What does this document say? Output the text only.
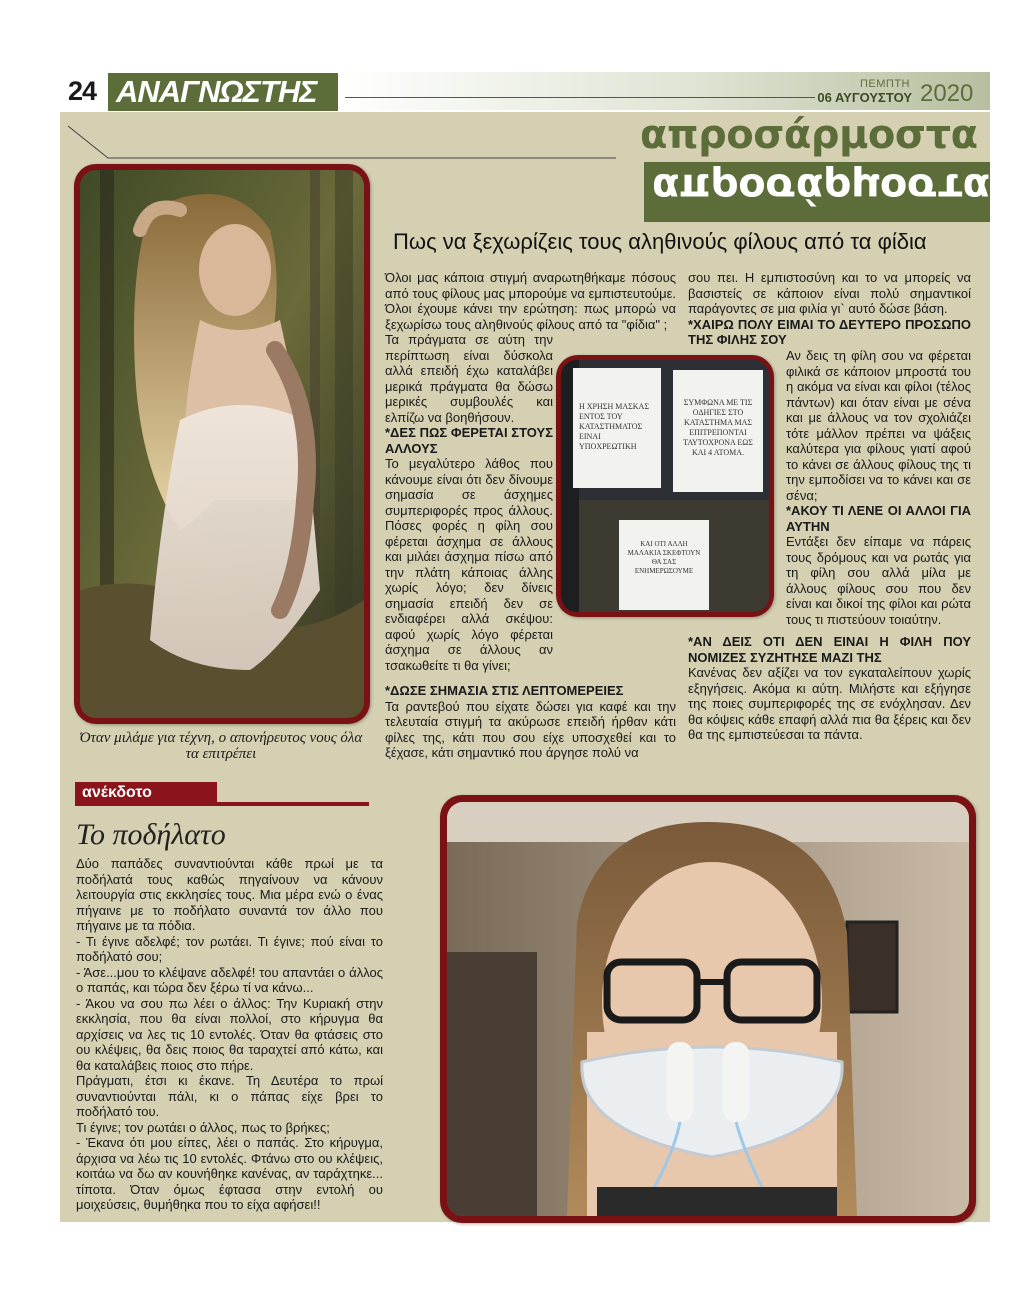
24 ΑΝΑΓΝΩΣΤΗΣ	ΠΕΜΠΤΗ
06 ΑΥΓΟΥΣΤΟΥ 2020
απροσάρμοστα
απροσάρμοστα
Πως να ξεχωρίζεις τους αληθινούς φίλους από τα φίδια
Όταν μιλάμε για τέχνη, ο απονήρευτος νους όλα τα επιτρέπει
Η ΧΡΗΣΗ ΜΑΣΚΑΣ ΕΝΤΟΣ ΤΟΥ ΚΑΤΑΣΤΗΜΑΤΟΣ ΕΙΝΑΙ ΥΠΟΧΡΕΩΤΙΚΗ
ΣΥΜΦΩΝΑ ΜΕ ΤΙΣ ΟΔΗΓΙΕΣ ΣΤΟ ΚΑΤΑΣΤΗΜΑ ΜΑΣ ΕΠΙΤΡΕΠΟΝΤΑΙ ΤΑΥΤΟΧΡΟΝΑ ΕΩΣ ΚΑΙ 4 ΑΤΟΜΑ.
ΚΑΙ ΟΤΙ ΑΛΛΗ ΜΑΛΑΚΙΑ ΣΚΕΦΤΟΥΝ ΘΑ ΣΑΣ ΕΝΗΜΕΡΩΣΟΥΜΕ

Όλοι μας κάποια στιγμή αναρωτηθήκαμε πόσους από τους φίλους μας μπορούμε να εμπιστευτούμε. Όλοι έχουμε κάνει την ερώτηση: πως μπορώ να ξεχωρίσω τους αληθινούς φίλους από τα "φίδια" ;

Τα πράγματα σε αύτη την περίπτωση είναι δύσκολα αλλά επειδή έχω καταλάβει μερικά πράγματα θα δώσω μερικές συμβουλές και ελπίζω να βοηθήσουν.

*ΔΕΣ ΠΩΣ ΦΕΡΕΤΑΙ ΣΤΟΥΣ ΑΛΛΟΥΣ

Το μεγαλύτερο λάθος που κάνουμε είναι ότι δεν δίνουμε σημασία σε άσχημες συμπεριφορές προς άλλους. Πόσες φορές η φίλη σου φέρεται άσχημα σε άλλους και μιλάει άσχημα πίσω από την πλάτη κάποιας άλλης χωρίς λόγο; δεν δίνεις σημασία επειδή δεν σε ενδιαφέρει αλλά σκέψου: αφού χωρίς λόγο φέρεται άσχημα σε άλλους αν τσακωθείτε τι θα γίνει;

*ΔΩΣΕ ΣΗΜΑΣΙΑ ΣΤΙΣ ΛΕΠΤΟΜΕΡΕΙΕΣ

Τα ραντεβού που είχατε δώσει για καφέ και την τελευταία στιγμή τα ακύρωσε επειδή ήρθαν κάτι φίλες της, κάτι που σου είχε υποσχεθεί και το ξέχασε, κάτι σημαντικό που άργησε πολύ να

σου πει. Η εμπιστοσύνη και το να μπορείς να βασιστείς σε κάποιον είναι πολύ σημαντικοί παράγοντες σε μια φιλία γι` αυτό δώσε βάση.

*ΧΑΙΡΩ ΠΟΛΥ ΕΙΜΑΙ ΤΟ ΔΕΥΤΕΡΟ ΠΡΟΣΩΠΟ ΤΗΣ ΦΙΛΗΣ ΣΟΥ

Αν δεις τη φίλη σου να φέρεται φιλικά σε κάποιον μπροστά του η ακόμα να είναι και φίλοι (τέλος πάντων) και όταν είναι με σένα και με άλλους να τον σχολιάζει τότε μάλλον πρέπει να ψάξεις καλύτερα για φίλους γιατί αφού το κάνει σε άλλους φίλους της τι την εμποδίσει να το κάνει και σε σένα;

*ΑΚΟΥ ΤΙ ΛΕΝΕ ΟΙ ΑΛΛΟΙ ΓΙΑ ΑΥΤΗΝ

Εντάξει δεν είπαμε να πάρεις τους δρόμους και να ρωτάς για τη φίλη σου αλλά μίλα με άλλους φίλους σου που δεν είναι και δικοί της φίλοι και ρώτα τους τι πιστεύουν τοιαύτην.

*ΑΝ ΔΕΙΣ ΟΤΙ ΔΕΝ ΕΙΝΑΙ Η ΦΙΛΗ ΠΟΥ ΝΟΜΙΖΕΣ ΣΥΖΗΤΗΣΕ ΜΑΖΙ ΤΗΣ

Κανένας δεν αξίζει να τον εγκαταλείπουν χωρίς εξηγήσεις. Ακόμα κι αύτη. Μιλήστε και εξήγησε της ποιες συμπεριφορές της σε ενόχλησαν. Δεν θα κόψεις κάθε επαφή αλλά πια θα ξέρεις και δεν θα της εμπιστεύεσαι τα πάντα.

ανέκδοτο
Το ποδήλατο

Δύο παπάδες συναντιούνται κάθε πρωί με τα ποδήλατά τους καθώς πηγαίνουν να κάνουν λειτουργία στις εκκλησίες τους. Μια μέρα ενώ ο ένας πήγαινε με το ποδήλατο συναντά τον άλλο που πήγαινε με τα πόδια.

- Τι έγινε αδελφέ; τον ρωτάει. Τι έγινε; πού είναι το ποδήλατό σου;

- Άσε...μου το κλέψανε αδελφέ! του απαντάει ο άλλος ο παπάς, και τώρα δεν ξέρω τί να κάνω...

- Άκου να σου πω λέει ο άλλος: Την Κυριακή στην εκκλησία, που θα είναι πολλοί, στο κήρυγμα θα αρχίσεις να λες τις 10 εντολές. Όταν θα φτάσεις στο ου κλέψεις, θα δεις ποιος θα ταραχτεί από κάτω, και θα καταλάβεις ποιος στο πήρε.

Πράγματι, έτσι κι έκανε. Τη Δευτέρα το πρωί συναντιούνται πάλι, κι ο πάπας είχε βρει το ποδήλατό του.

Τι έγινε; τον ρωτάει ο άλλος, πως το βρήκες;

- Έκανα ότι μου είπες, λέει ο παπάς. Στο κήρυγμα, άρχισα να λέω τις 10 εντολές. Φτάνω στο ου κλέψεις, κοιτάω να δω αν κουνήθηκε κανένας, αν ταράχτηκε... τίποτα. Όταν όμως έφτασα στην εντολή ου μοιχεύσεις, θυμήθηκα που το είχα αφήσει!!
